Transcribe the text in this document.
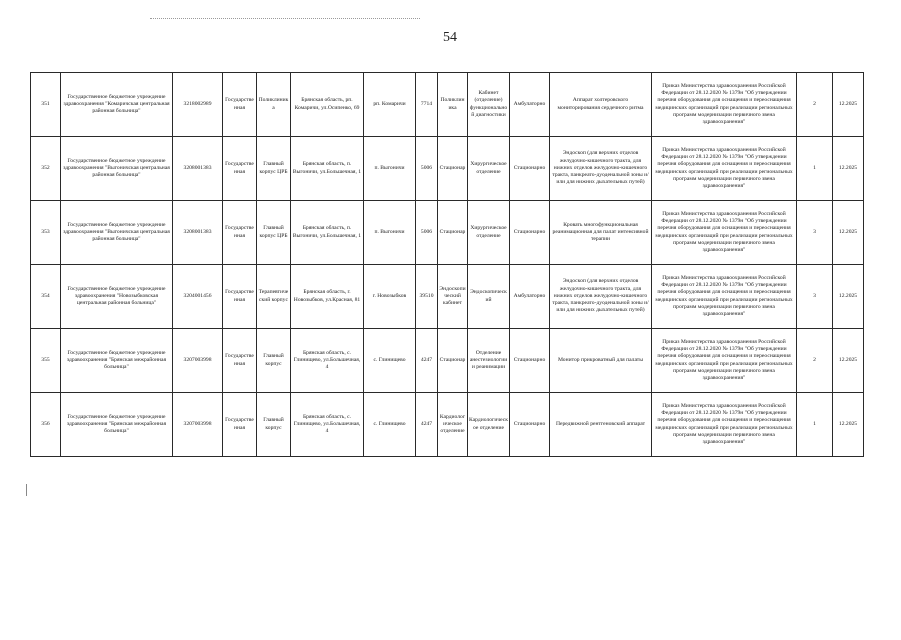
54
351	Государственное бюджетное учреждение здравоохранения "Комаричская центральная районная больница"	3218002989	Государственная	Поликлиника	Брянская область, рп. Комаричи, ул.Осипенко, 69	рп. Комаричи	7714	Поликлиника	Кабинет (отделение) функциональной диагностики	Амбулаторно	Аппарат холтеровского мониторирования сердечного ритма	Приказ Министерства здравоохранения Российской Федерации от 28.12.2020 № 1379н "Об утверждении перечня оборудования для оснащения и переоснащения медицинских организаций при реализации региональных программ модернизации первичного звена здравоохранения"	2	12.2025
352	Государственное бюджетное учреждение здравоохранения "Выгоничская центральная районная больница"	3208001383	Государственная	Главный корпус ЦРБ	Брянская область, п. Выгоничи, ул.Большечная, 1	п. Выгоничи	5006	Стационар	Хирургическое отделение	Стационарно	Эндоскоп (для верхних отделов желудочно-кишечного тракта, для нижних отделов желудочно-кишечного тракта, панкреато-дуоденальной зоны и/или для нижних дыхательных путей)	Приказ Министерства здравоохранения Российской Федерации от 28.12.2020 № 1379н "Об утверждении перечня оборудования для оснащения и переоснащения медицинских организаций при реализации региональных программ модернизации первичного звена здравоохранения"	1	12.2025
353	Государственное бюджетное учреждение здравоохранения "Выгоничская центральная районная больница"	3208001383	Государственная	Главный корпус ЦРБ	Брянская область, п. Выгоничи, ул.Большечная, 1	п. Выгоничи	5006	Стационар	Хирургическое отделение	Стационарно	Кровать многофункциональная реанимационная для палат интенсивной терапии	Приказ Министерства здравоохранения Российской Федерации от 28.12.2020 № 1379н "Об утверждении перечня оборудования для оснащения и переоснащения медицинских организаций при реализации региональных программ модернизации первичного звена здравоохранения"	3	12.2025
354	Государственное бюджетное учреждение здравоохранения "Новозыбковская центральная районная больница"	3204001456	Государственная	Терапевтический корпус	Брянская область, г. Новозыбков, ул.Красная, 81	г. Новозыбков	39510	Эндоскопический кабинет	Эндоскопический	Амбулаторно	Эндоскоп (для верхних отделов желудочно-кишечного тракта, для нижних отделов желудочно-кишечного тракта, панкреато-дуоденальной зоны и/или для нижних дыхательных путей)	Приказ Министерства здравоохранения Российской Федерации от 28.12.2020 № 1379н "Об утверждении перечня оборудования для оснащения и переоснащения медицинских организаций при реализации региональных программ модернизации первичного звена здравоохранения"	3	12.2025
355	Государственное бюджетное учреждение здравоохранения "Брянская межрайонная больница"	3207003998	Государственная	Главный корпус	Брянская область, с. Глинищево, ул.Большечная, 4	с. Глинищево	4247	Стационар	Отделение анестезиологии и реанимации	Стационарно	Монитор прикроватный для палаты	Приказ Министерства здравоохранения Российской Федерации от 28.12.2020 № 1379н "Об утверждении перечня оборудования для оснащения и переоснащения медицинских организаций при реализации региональных программ модернизации первичного звена здравоохранения"	2	12.2025
356	Государственное бюджетное учреждение здравоохранения "Брянская межрайонная больница"	3207003998	Государственная	Главный корпус	Брянская область, с. Глинищево, ул.Большечная, 4	с. Глинищево	4247	Кардиологическое отделение	Кардиологическое отделение	Стационарно	Передвижной рентгеновский аппарат	Приказ Министерства здравоохранения Российской Федерации от 28.12.2020 № 1379н "Об утверждении перечня оборудования для оснащения и переоснащения медицинских организаций при реализации региональных программ модернизации первичного звена здравоохранения"	1	12.2025
